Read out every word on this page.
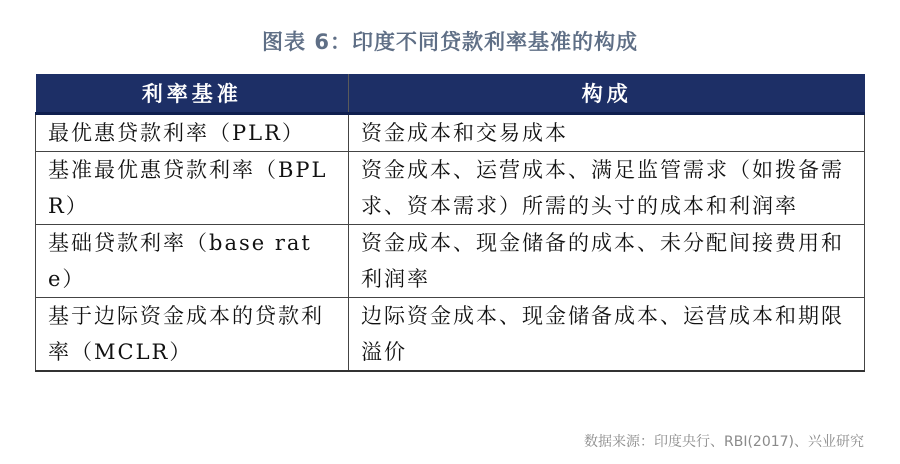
图表 6：印度不同贷款利率基准的构成
利率基准	构成
最优惠贷款利率（PLR）	资金成本和交易成本
基准最优惠贷款利率（BPLR）	资金成本、运营成本、满足监管需求（如拨备需求、资本需求）所需的头寸的成本和利润率
基础贷款利率（base rate）	资金成本、现金储备的成本、未分配间接费用和利润率
基于边际资金成本的贷款利率（MCLR）	边际资金成本、现金储备成本、运营成本和期限溢价
数据来源：印度央行、RBI(2017)、兴业研究
